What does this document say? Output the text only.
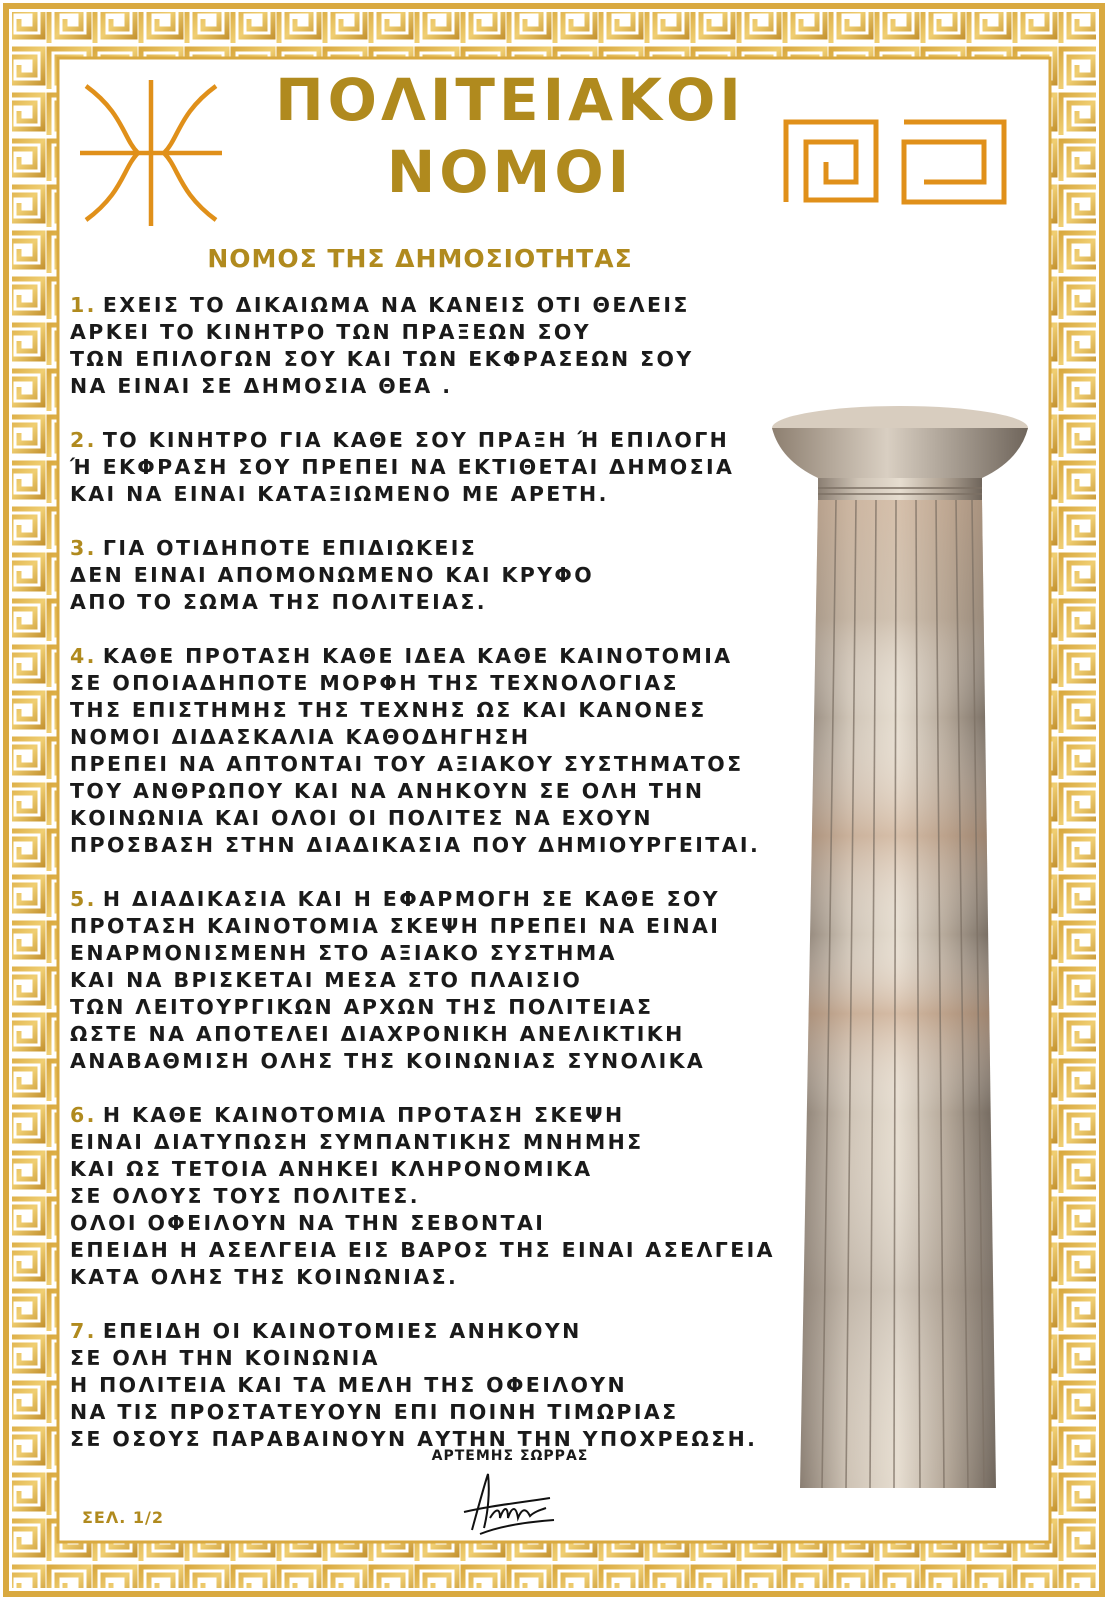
ΠΟΛΙΤΕΙΑΚΟΙ
ΝΟΜΟΙ
ΝΟΜΟΣ ΤΗΣ ΔΗΜΟΣΙΟΤΗΤΑΣ
1. ΕΧΕΙΣ ΤΟ ΔΙΚΑΙΩΜΑ ΝΑ ΚΑΝΕΙΣ ΟΤΙ ΘΕΛΕΙΣ
ΑΡΚΕΙ ΤΟ ΚΙΝΗΤΡΟ ΤΩΝ ΠΡΑΞΕΩΝ ΣΟΥ
ΤΩΝ ΕΠΙΛΟΓΩΝ ΣΟΥ ΚΑΙ ΤΩΝ ΕΚΦΡΑΣΕΩΝ ΣΟΥ
ΝΑ ΕΙΝΑΙ ΣΕ ΔΗΜΟΣΙΑ ΘΕΑ .
2. ΤΟ ΚΙΝΗΤΡΟ ΓΙΑ ΚΑΘΕ ΣΟΥ ΠΡΑΞΗ Ή ΕΠΙΛΟΓΗ
Ή ΕΚΦΡΑΣΗ ΣΟΥ ΠΡΕΠΕΙ ΝΑ ΕΚΤΙΘΕΤΑΙ ΔΗΜΟΣΙΑ
ΚΑΙ ΝΑ ΕΙΝΑΙ ΚΑΤΑΞΙΩΜΕΝΟ ΜΕ ΑΡΕΤΗ.
3. ΓΙΑ ΟΤΙΔΗΠΟΤΕ ΕΠΙΔΙΩΚΕΙΣ
ΔΕΝ ΕΙΝΑΙ ΑΠΟΜΟΝΩΜΕΝΟ ΚΑΙ ΚΡΥΦΟ
ΑΠΟ ΤΟ ΣΩΜΑ ΤΗΣ ΠΟΛΙΤΕΙΑΣ.
4. ΚΑΘΕ ΠΡΟΤΑΣΗ ΚΑΘΕ ΙΔΕΑ ΚΑΘΕ ΚΑΙΝΟΤΟΜΙΑ
ΣΕ ΟΠΟΙΑΔΗΠΟΤΕ ΜΟΡΦΗ ΤΗΣ ΤΕΧΝΟΛΟΓΙΑΣ
ΤΗΣ ΕΠΙΣΤΗΜΗΣ ΤΗΣ ΤΕΧΝΗΣ ΩΣ ΚΑΙ ΚΑΝΟΝΕΣ
ΝΟΜΟΙ ΔΙΔΑΣΚΑΛΙΑ ΚΑΘΟΔΗΓΗΣΗ
ΠΡΕΠΕΙ ΝΑ ΑΠΤΟΝΤΑΙ ΤΟΥ ΑΞΙΑΚΟΥ ΣΥΣΤΗΜΑΤΟΣ
ΤΟΥ ΑΝΘΡΩΠΟΥ ΚΑΙ ΝΑ ΑΝΗΚΟΥΝ ΣΕ ΟΛΗ ΤΗΝ
ΚΟΙΝΩΝΙΑ ΚΑΙ ΟΛΟΙ ΟΙ ΠΟΛΙΤΕΣ ΝΑ ΕΧΟΥΝ
ΠΡΟΣΒΑΣΗ ΣΤΗΝ ΔΙΑΔΙΚΑΣΙΑ ΠΟΥ ΔΗΜΙΟΥΡΓΕΙΤΑΙ.
5. Η ΔΙΑΔΙΚΑΣΙΑ ΚΑΙ Η ΕΦΑΡΜΟΓΗ ΣΕ ΚΑΘΕ ΣΟΥ
ΠΡΟΤΑΣΗ ΚΑΙΝΟΤΟΜΙΑ ΣΚΕΨΗ ΠΡΕΠΕΙ ΝΑ ΕΙΝΑΙ
ΕΝΑΡΜΟΝΙΣΜΕΝΗ ΣΤΟ ΑΞΙΑΚΟ ΣΥΣΤΗΜΑ
ΚΑΙ ΝΑ ΒΡΙΣΚΕΤΑΙ ΜΕΣΑ ΣΤΟ ΠΛΑΙΣΙΟ
ΤΩΝ ΛΕΙΤΟΥΡΓΙΚΩΝ ΑΡΧΩΝ ΤΗΣ ΠΟΛΙΤΕΙΑΣ
ΩΣΤΕ ΝΑ ΑΠΟΤΕΛΕΙ ΔΙΑΧΡΟΝΙΚΗ ΑΝΕΛΙΚΤΙΚΗ
ΑΝΑΒΑΘΜΙΣΗ ΟΛΗΣ ΤΗΣ ΚΟΙΝΩΝΙΑΣ ΣΥΝΟΛΙΚΑ
6. Η ΚΑΘΕ ΚΑΙΝΟΤΟΜΙΑ ΠΡΟΤΑΣΗ ΣΚΕΨΗ
ΕΙΝΑΙ ΔΙΑΤΥΠΩΣΗ ΣΥΜΠΑΝΤΙΚΗΣ ΜΝΗΜΗΣ
ΚΑΙ ΩΣ ΤΕΤΟΙΑ ΑΝΗΚΕΙ ΚΛΗΡΟΝΟΜΙΚΑ
ΣΕ ΟΛΟΥΣ ΤΟΥΣ ΠΟΛΙΤΕΣ.
ΟΛΟΙ ΟΦΕΙΛΟΥΝ ΝΑ ΤΗΝ ΣΕΒΟΝΤΑΙ
ΕΠΕΙΔΗ Η ΑΣΕΛΓΕΙΑ ΕΙΣ ΒΑΡΟΣ ΤΗΣ ΕΙΝΑΙ ΑΣΕΛΓΕΙΑ
ΚΑΤΑ ΟΛΗΣ ΤΗΣ ΚΟΙΝΩΝΙΑΣ.
7. ΕΠΕΙΔΗ ΟΙ ΚΑΙΝΟΤΟΜΙΕΣ ΑΝΗΚΟΥΝ
ΣΕ ΟΛΗ ΤΗΝ ΚΟΙΝΩΝΙΑ
Η ΠΟΛΙΤΕΙΑ ΚΑΙ ΤΑ ΜΕΛΗ ΤΗΣ ΟΦΕΙΛΟΥΝ
ΝΑ ΤΙΣ ΠΡΟΣΤΑΤΕΥΟΥΝ ΕΠΙ ΠΟΙΝΗ ΤΙΜΩΡΙΑΣ
ΣΕ ΟΣΟΥΣ ΠΑΡΑΒΑΙΝΟΥΝ ΑΥΤΗΝ ΤΗΝ ΥΠΟΧΡΕΩΣΗ.

ΑΡΤΕΜΗΣ ΣΩΡΡΑΣ

ΣΕΛ. 1/2
